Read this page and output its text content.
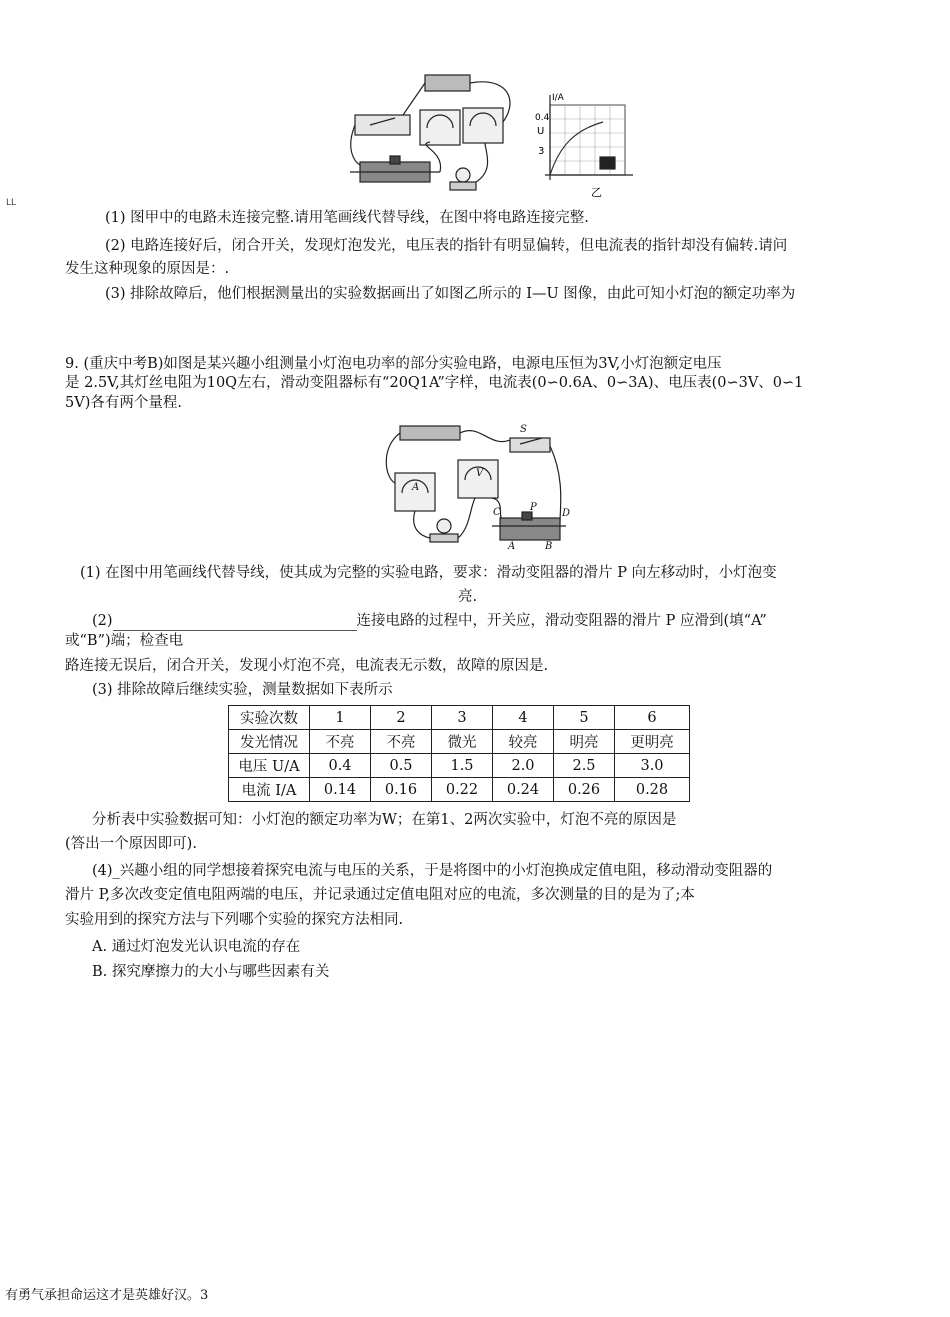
LL
I/A
0.4
U
3
乙
(1) 图甲中的电路未连接完整.请用笔画线代替导线，在图中将电路连接完整.
(2) 电路连接好后，闭合开关，发现灯泡发光，电压表的指针有明显偏转，但电流表的指针却没有偏转.请问
发生这种现象的原因是：.
(3) 排除故障后，他们根据测量出的实验数据画出了如图乙所示的 I—U 图像，由此可知小灯泡的额定功率为
9. (重庆中考B)如图是某兴趣小组测量小灯泡电功率的部分实验电路，电源电压恒为3V,小灯泡额定电压
是 2.5V,其灯丝电阻为10Q左右，滑动变阻器标有“20Q1A”字样，电流表(0∽0.6A、0∽3A)、电压表(0∽3V、0∽1
5V)各有两个量程.
S
C	P
D
A	B
V
A
(1) 在图中用笔画线代替导线，使其成为完整的实验电路，要求：滑动变阻器的滑片 P 向左移动时，小灯泡变
亮.
(2)	连接电路的过程中，开关应，滑动变阻器的滑片 P 应滑到(填“A”
或“B”)端；检查电
路连接无误后，闭合开关，发现小灯泡不亮，电流表无示数，故障的原因是.
(3) 排除故障后继续实验，测量数据如下表所示
实验次数	1	2	3	4	5	6
发光情况	不亮	不亮	微光	较亮	明亮	更明亮
电压 U/A	0.4	0.5	1.5	2.0	2.5	3.0
电流 I/A	0.14	0.16	0.22	0.24	0.26	0.28
分析表中实验数据可知：小灯泡的额定功率为W；在第1、2两次实验中，灯泡不亮的原因是
(答出一个原因即可).
(4)_兴趣小组的同学想接着探究电流与电压的关系，于是将图中的小灯泡换成定值电阻，移动滑动变阻器的
滑片 P,多次改变定值电阻两端的电压，并记录通过定值电阻对应的电流，多次测量的目的是为了;本
实验用到的探究方法与下列哪个实验的探究方法相同.
A. 通过灯泡发光认识电流的存在
B. 探究摩擦力的大小与哪些因素有关
有勇气承担命运这才是英雄好汉。3
